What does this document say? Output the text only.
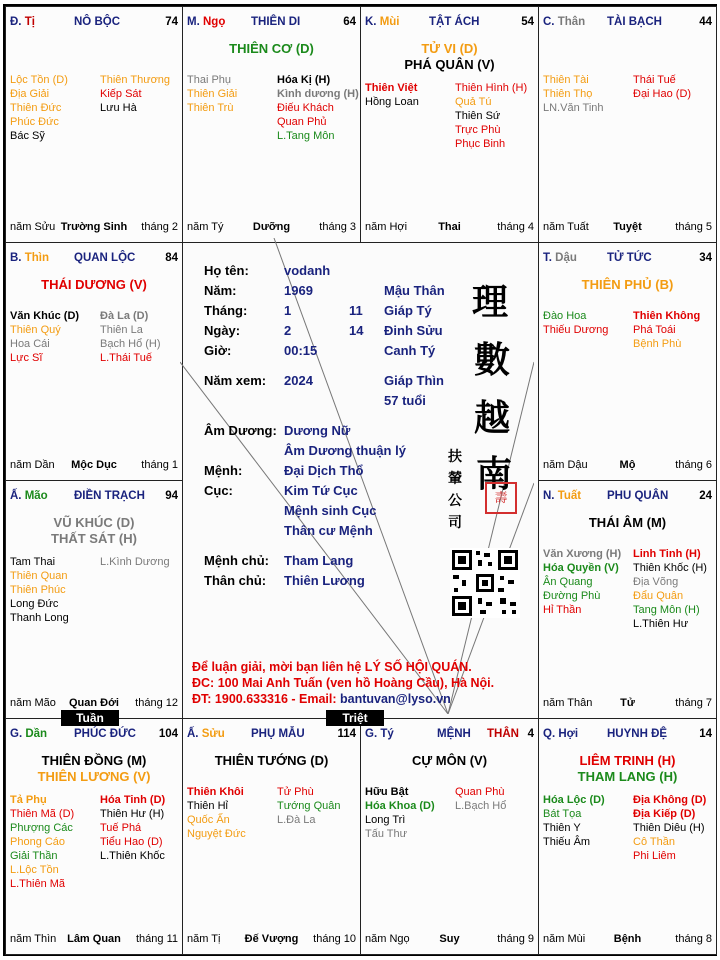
Đ. Tị	NÔ BỘC	74
Lộc Tồn (D)
Địa Giải
Thiên Đức
Phúc Đức
Bác Sỹ
Thiên Thương
Kiếp Sát
Lưu Hà
năm Sửu Trường Sinh	tháng 2
M. Ngọ THIÊN DI	64
THIÊN CƠ (D)
Thai Phụ
Thiên Giải
Thiên Trù
Hóa Kị (H)
Kình dương (H)
Điếu Khách
Quan Phủ
L.Tang Môn
năm Tý	Dưỡng	tháng 3
K. Mùi	TẬT ÁCH	54
TỬ VI (D)
PHÁ QUÂN (V)
Thiên Việt
Hồng Loan
Thiên Hình (H)
Quả Tú
Thiên Sứ
Trực Phù
Phục Binh
năm Hợi	Thai	tháng 4
C. Thân TÀI BẠCH	44
Thiên Tài
Thiên Thọ
LN.Văn Tinh
Thái Tuế
Đại Hao (D)
năm Tuất	Tuyệt	tháng 5
B. Thìn QUAN LỘC	84
THÁI DƯƠNG (V)
Văn Khúc (D)
Thiên Quý
Hoa Cái
Lực Sĩ
Đà La (D)
Thiên La
Bạch Hổ (H)
L.Thái Tuế
năm Dần	Mộc Dục	tháng 1
T. Dậu	TỬ TỨC	34
THIÊN PHỦ (B)
Đào Hoa
Thiếu Dương
Thiên Không
Phá Toái
Bệnh Phù
năm Dậu	Mộ	tháng 6
Ấ. Mão ĐIỀN TRẠCH 94
VŨ KHÚC (D)
THẤT SÁT (H)
Tam Thai
Thiên Quan
Thiên Phúc
Long Đức
Thanh Long
L.Kình Dương
năm Mão	Quan Đới	tháng 12
N. Tuất PHU QUÂN	24
THÁI ÂM (M)
Văn Xương (H)
Hóa Quyền (V)
Ân Quang
Đường Phù
Hỉ Thần
Linh Tinh (H)
Thiên Khốc (H)
Địa Võng
Đẩu Quân
Tang Môn (H)
L.Thiên Hư
năm Thân	Tử	tháng 7
G. Dần PHÚC ĐỨC 104
THIÊN ĐỒNG (M)
THIÊN LƯƠNG (V)
Tả Phụ
Thiên Mã (D)
Phượng Các
Phong Cáo
Giải Thần
L.Lộc Tồn
L.Thiên Mã
Hóa Tinh (D)
Thiên Hư (H)
Tuế Phá
Tiểu Hao (D)
L.Thiên Khốc
năm Thìn Lâm Quan	tháng 11
Ấ. Sửu PHỤ MẪU	114
THIÊN TƯỚNG (D)
Thiên Khôi
Thiên Hỉ
Quốc Ấn
Nguyệt Đức
Tử Phù
Tướng Quân
L.Đà La
năm Tị	Đế Vượng	tháng 10
G. Tý	MỆNH THÂN 4
CỰ MÔN (V)
Hữu Bật
Hóa Khoa (D)
Long Trì
Tấu Thư
Quan Phù
L.Bạch Hổ
năm Ngọ	Suy	tháng 9
Q. Hợi	HUYNH ĐỆ	14
LIÊM TRINH (H)
THAM LANG (H)
Hóa Lộc (D)
Bát Tọa
Thiên Y
Thiếu Âm
Địa Không (D)
Địa Kiếp (D)
Thiên Diêu (H)
Cô Thần
Phi Liêm
năm Mùi	Bệnh	tháng 8
Họ tên:	vodanh
Năm:	1969	Mậu Thân
Tháng:	1	11 Giáp Tý
Ngày:	2	14 Đinh Sửu
Giờ:	00:15	Canh Tý
Năm xem: 2024	Giáp Thìn
57 tuổi
Âm Dương: Dương Nữ
Âm Dương thuận lý
Mệnh:	Đại Dịch Thổ
Cục:	Kim Tứ Cục
Mệnh sinh Cục
Thân cư Mệnh
Mệnh chủ: Tham Lang
Thân chủ: Thiên Lương
理
數
越
南
壽
扶
輦
公
司
Để luận giải, mời bạn liên hệ LÝ SỐ HỘI QUÁN.
ĐC: 100 Mai Anh Tuấn (ven hồ Hoàng Cầu), Hà Nội.
ĐT: 1900.633316 - Email: bantuvan@lyso.vn
Tuần	Triệt
